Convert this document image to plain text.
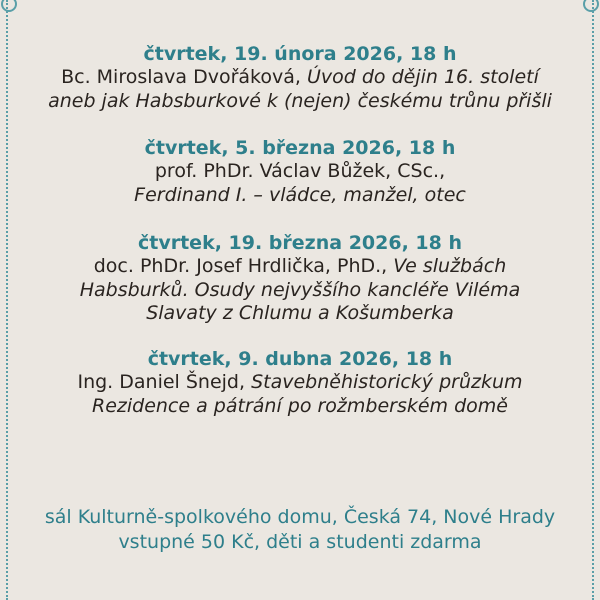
čtvrtek, 19. února 2026, 18 h

Bc. Miroslava Dvořáková, Úvod do dějin 16. století

aneb jak Habsburkové k (nejen) českému trůnu přišli

čtvrtek, 5. března 2026, 18 h

prof. PhDr. Václav Bůžek, CSc.,

Ferdinand I. – vládce, manžel, otec

čtvrtek, 19. března 2026, 18 h

doc. PhDr. Josef Hrdlička, PhD., Ve službách

Habsburků. Osudy nejvyššího kancléře Viléma

Slavaty z Chlumu a Košumberka

čtvrtek, 9. dubna 2026, 18 h

Ing. Daniel Šnejd, Stavebněhistorický průzkum

Rezidence a pátrání po rožmberském domě

sál Kulturně-spolkového domu, Česká 74, Nové Hrady
vstupné 50 Kč, děti a studenti zdarma
